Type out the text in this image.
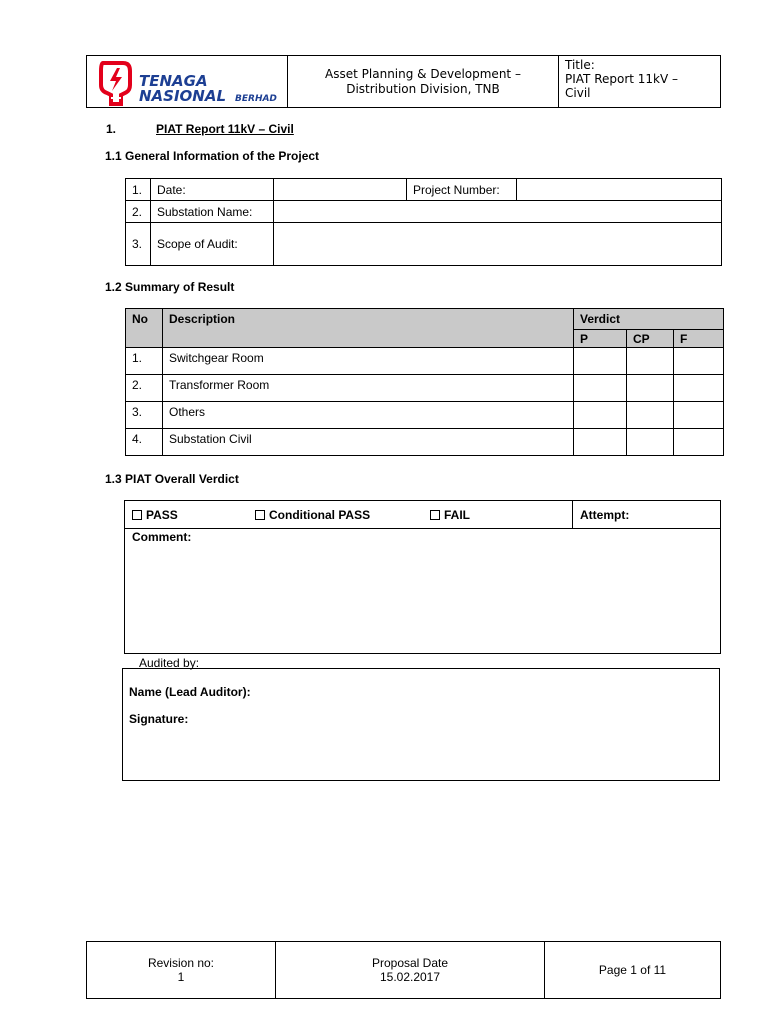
TENAGA
NASIONAL BERHAD

Asset Planning & Development –
Distribution Division, TNB

Title:
PIAT Report 11kV –
Civil
1.	PIAT Report 11kV – Civil
1.1 General Information of the Project
1.	Date:		Project Number:	
2.	Substation Name:			
3.	Scope of Audit:			
1.2 Summary of Result
No	Description	Verdict		
		P	CP	F
1.	Switchgear Room			
2.	Transformer Room			
3.	Others			
4.	Substation Civil			
1.3 PIAT Overall Verdict
PASS	Conditional PASS	FAIL	Attempt:
Comment:
Audited by:
Name (Lead Auditor):
Signature:
Revision no:
1

Proposal Date
15.02.2017	Page 1 of 11
